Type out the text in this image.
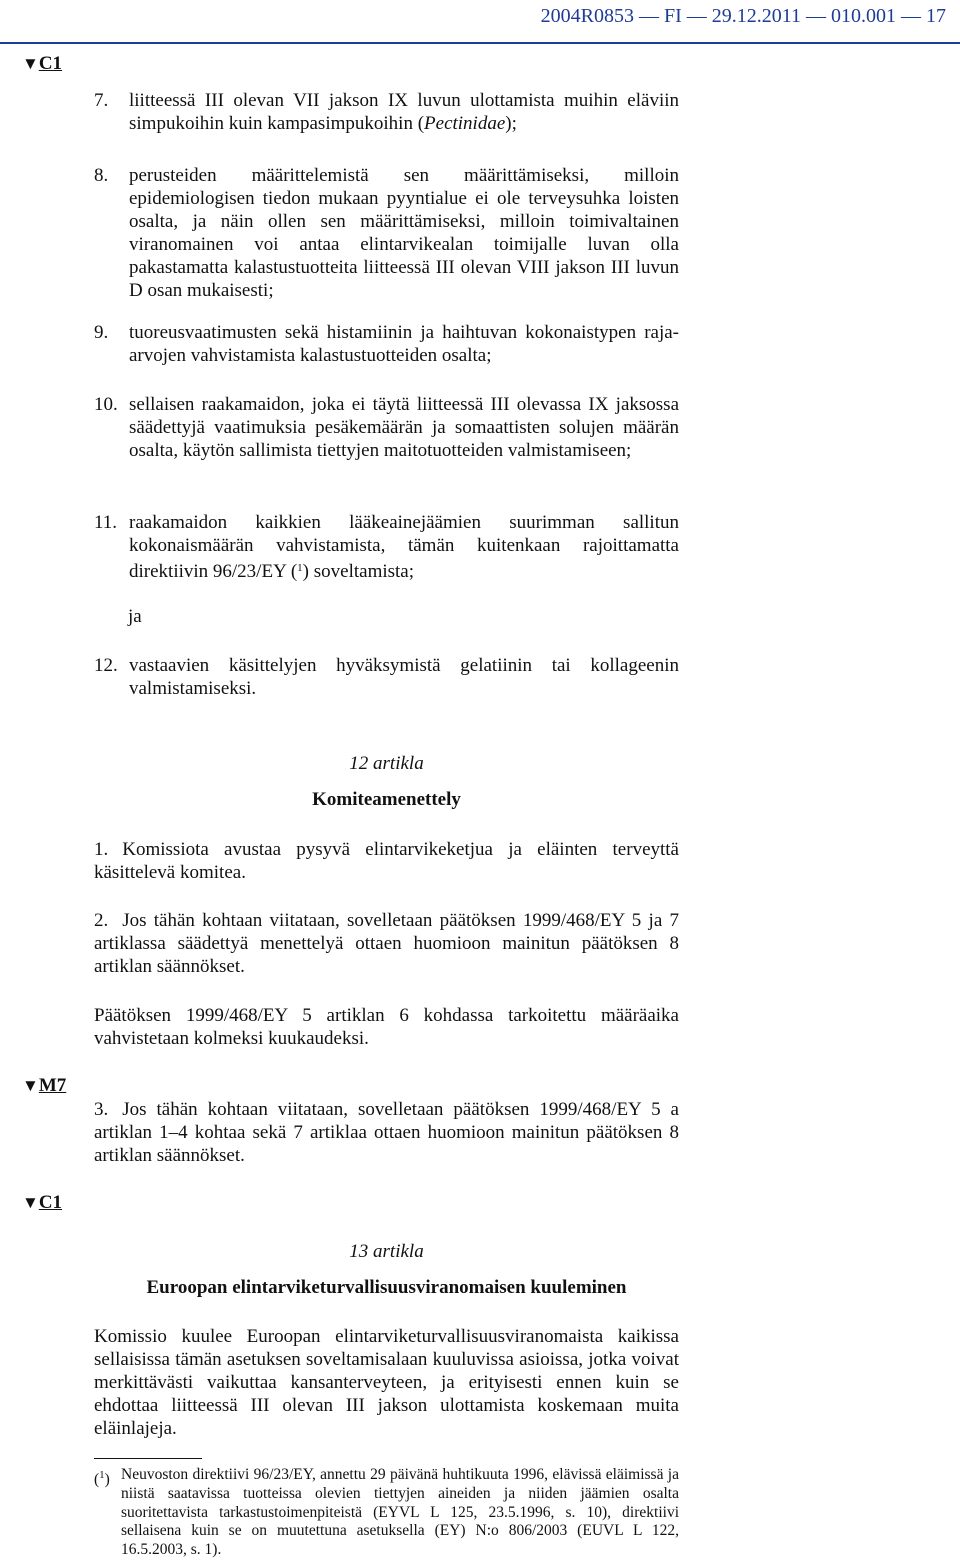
2004R0853 — FI — 29.12.2011 — 010.001 — 17
▼C1
7. liitteessä III olevan VII jakson IX luvun ulottamista muihin eläviin simpukoihin kuin kampasimpukoihin (Pectinidae);
8. perusteiden määrittelemistä sen määrittämiseksi, milloin epidemiologisen tiedon mukaan pyyntialue ei ole terveysuhka loisten osalta, ja näin ollen sen määrittämiseksi, milloin toimivaltainen viranomainen voi antaa elintarvikealan toimijalle luvan olla pakastamatta kalastustuotteita liitteessä III olevan VIII jakson III luvun D osan mukaisesti;
9. tuoreusvaatimusten sekä histamiinin ja haihtuvan kokonaistypen raja-arvojen vahvistamista kalastustuotteiden osalta;
10. sellaisen raakamaidon, joka ei täytä liitteessä III olevassa IX jaksossa säädettyjä vaatimuksia pesäkemäärän ja somaattisten solujen määrän osalta, käytön sallimista tiettyjen maitotuotteiden valmistamiseen;
11. raakamaidon kaikkien lääkeainejäämien suurimman sallitun kokonaismäärän vahvistamista, tämän kuitenkaan rajoittamatta direktiivin 96/23/EY ($^1$) soveltamista;
ja
12. vastaavien käsittelyjen hyväksymistä gelatiinin tai kollageenin valmistamiseksi.
12 artikla
Komiteamenettely
1. Komissiota avustaa pysyvä elintarvikeketjua ja eläinten terveyttä käsittelevä komitea.
2. Jos tähän kohtaan viitataan, sovelletaan päätöksen 1999/468/EY 5 ja 7 artiklassa säädettyä menettelyä ottaen huomioon mainitun päätöksen 8 artiklan säännökset.
Päätöksen 1999/468/EY 5 artiklan 6 kohdassa tarkoitettu määräaika vahvistetaan kolmeksi kuukaudeksi.
▼M7
3. Jos tähän kohtaan viitataan, sovelletaan päätöksen 1999/468/EY 5 a artiklan 1–4 kohtaa sekä 7 artiklaa ottaen huomioon mainitun päätöksen 8 artiklan säännökset.
▼C1
13 artikla
Euroopan elintarviketurvallisuusviranomaisen kuuleminen
Komissio kuulee Euroopan elintarviketurvallisuusviranomaista kaikissa sellaisissa tämän asetuksen soveltamisalaan kuuluvissa asioissa, jotka voivat merkittävästi vaikuttaa kansanterveyteen, ja erityisesti ennen kuin se ehdottaa liitteessä III olevan III jakson ulottamista koskemaan muita eläinlajeja.
($^1$) Neuvoston direktiivi 96/23/EY, annettu 29 päivänä huhtikuuta 1996, elävissä eläimissä ja niistä saatavissa tuotteissa olevien tiettyjen aineiden ja niiden jäämien osalta suoritettavista tarkastustoimenpiteistä (EYVL L 125, 23.5.1996, s. 10), direktiivi sellaisena kuin se on muutettuna asetuksella (EY) N:o 806/2003 (EUVL L 122, 16.5.2003, s. 1).
